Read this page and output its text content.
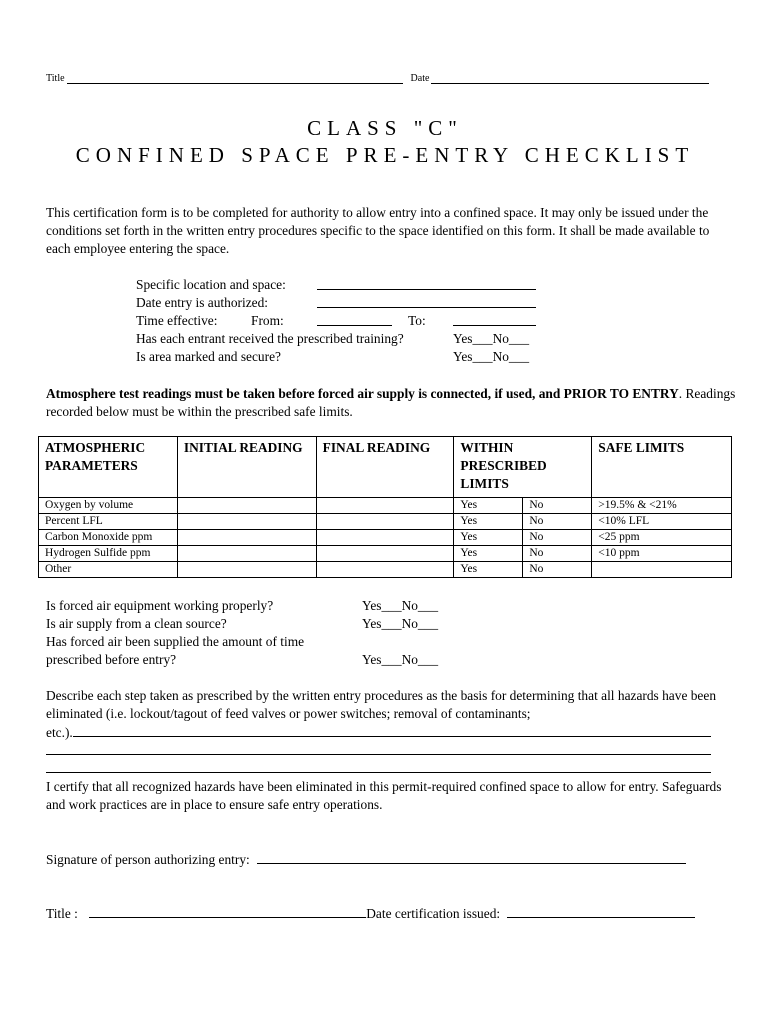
Title	Date
CLASS "C"
CONFINED SPACE PRE-ENTRY CHECKLIST
This certification form is to be completed for authority to allow entry into a confined space. It may only be issued under the conditions set forth in the written entry procedures specific to the space identified on this form. It shall be made available to each employee entering the space.
Specific location and space:
Date entry is authorized:
Time effective:	From:	To:
Has each entrant received the prescribed training?	Yes___No___
Is area marked and secure?	Yes___No___
Atmosphere test readings must be taken before forced air supply is connected, if used, and PRIOR TO ENTRY. Readings recorded below must be within the prescribed safe limits.
ATMOSPHERIC PARAMETERS	INITIAL READING	FINAL READING	WITHIN PRESCRIBED LIMITS		SAFE LIMITS
Oxygen by volume			Yes	No	>19.5% & <21%
Percent LFL			Yes	No	<10% LFL
Carbon Monoxide ppm			Yes	No	<25 ppm
Hydrogen Sulfide ppm			Yes	No	<10 ppm
Other			Yes	No	
Is forced air equipment working properly?	Yes___No___
Is air supply from a clean source?	Yes___No___
Has forced air been supplied the amount of time
prescribed before entry?	Yes___No___
Describe each step taken as prescribed by the written entry procedures as the basis for determining that all hazards have been eliminated (i.e. lockout/tagout of feed valves or power switches; removal of contaminants;
etc.).
I certify that all recognized hazards have been eliminated in this permit-required confined space to allow for entry. Safeguards and work practices are in place to ensure safe entry operations.
Signature of person authorizing entry:
Title :	Date certification issued:
